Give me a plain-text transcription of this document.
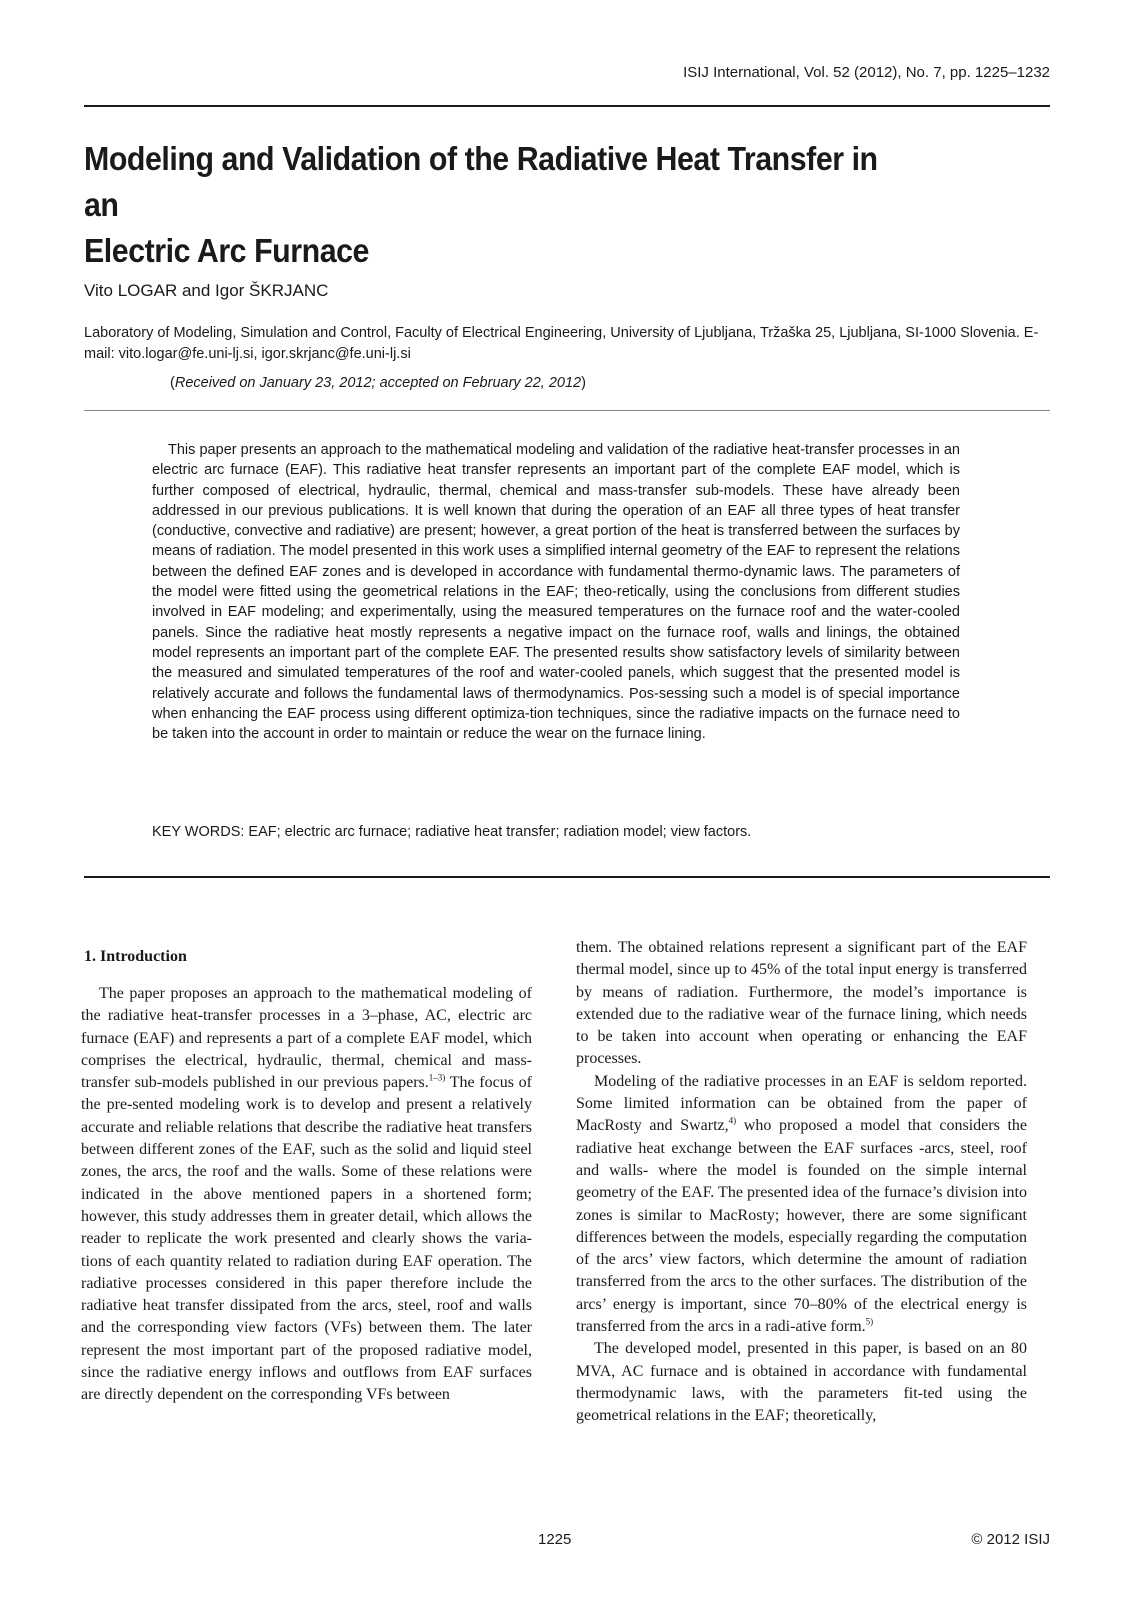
ISIJ International, Vol. 52 (2012), No. 7, pp. 1225–1232
Modeling and Validation of the Radiative Heat Transfer in an
Electric Arc Furnace
Vito LOGAR and Igor ŠKRJANC
Laboratory of Modeling, Simulation and Control, Faculty of Electrical Engineering, University of Ljubljana, Tržaška 25, Ljubljana, SI-1000 Slovenia. E-mail: vito.logar@fe.uni-lj.si, igor.skrjanc@fe.uni-lj.si
(Received on January 23, 2012; accepted on February 22, 2012)

This paper presents an approach to the mathematical modeling and validation of the radiative heat-transfer processes in an electric arc furnace (EAF). This radiative heat transfer represents an important part of the complete EAF model, which is further composed of electrical, hydraulic, thermal, chemical and mass-transfer sub-models. These have already been addressed in our previous publications. It is well known that during the operation of an EAF all three types of heat transfer (conductive, convective and radiative) are present; however, a great portion of the heat is transferred between the surfaces by means of radiation. The model presented in this work uses a simplified internal geometry of the EAF to represent the relations between the defined EAF zones and is developed in accordance with fundamental thermo-dynamic laws. The parameters of the model were fitted using the geometrical relations in the EAF; theo-retically, using the conclusions from different studies involved in EAF modeling; and experimentally, using the measured temperatures on the furnace roof and the water-cooled panels. Since the radiative heat mostly represents a negative impact on the furnace roof, walls and linings, the obtained model represents an important part of the complete EAF. The presented results show satisfactory levels of similarity between the measured and simulated temperatures of the roof and water-cooled panels, which suggest that the presented model is relatively accurate and follows the fundamental laws of thermodynamics. Pos-sessing such a model is of special importance when enhancing the EAF process using different optimiza-tion techniques, since the radiative impacts on the furnace need to be taken into the account in order to maintain or reduce the wear on the furnace lining.

KEY WORDS: EAF; electric arc furnace; radiative heat transfer; radiation model; view factors.
1. Introduction

The paper proposes an approach to the mathematical modeling of the radiative heat-transfer processes in a 3–phase, AC, electric arc furnace (EAF) and represents a part of a complete EAF model, which comprises the electrical, hydraulic, thermal, chemical and mass-transfer sub-models published in our previous papers.$^{1-3)}$ The focus of the pre-sented modeling work is to develop and present a relatively accurate and reliable relations that describe the radiative heat transfers between different zones of the EAF, such as the solid and liquid steel zones, the arcs, the roof and the walls. Some of these relations were indicated in the above mentioned papers in a shortened form; however, this study addresses them in greater detail, which allows the reader to replicate the work presented and clearly shows the varia-tions of each quantity related to radiation during EAF operation. The radiative processes considered in this paper therefore include the radiative heat transfer dissipated from the arcs, steel, roof and walls and the corresponding view factors (VFs) between them. The later represent the most important part of the proposed radiative model, since the radiative energy inflows and outflows from EAF surfaces are directly dependent on the corresponding VFs between

them. The obtained relations represent a significant part of the EAF thermal model, since up to 45% of the total input energy is transferred by means of radiation. Furthermore, the model’s importance is extended due to the radiative wear of the furnace lining, which needs to be taken into account when operating or enhancing the EAF processes.

Modeling of the radiative processes in an EAF is seldom reported. Some limited information can be obtained from the paper of MacRosty and Swartz,$^{4)}$ who proposed a model that considers the radiative heat exchange between the EAF surfaces -arcs, steel, roof and walls- where the model is founded on the simple internal geometry of the EAF. The presented idea of the furnace’s division into zones is similar to MacRosty; however, there are some significant differences between the models, especially regarding the computation of the arcs’ view factors, which determine the amount of radiation transferred from the arcs to the other surfaces. The distribution of the arcs’ energy is important, since 70–80% of the electrical energy is transferred from the arcs in a radi-ative form.$^{5)}$

The developed model, presented in this paper, is based on an 80 MVA, AC furnace and is obtained in accordance with fundamental thermodynamic laws, with the parameters fit-ted using the geometrical relations in the EAF; theoretically,

1225	© 2012 ISIJ
